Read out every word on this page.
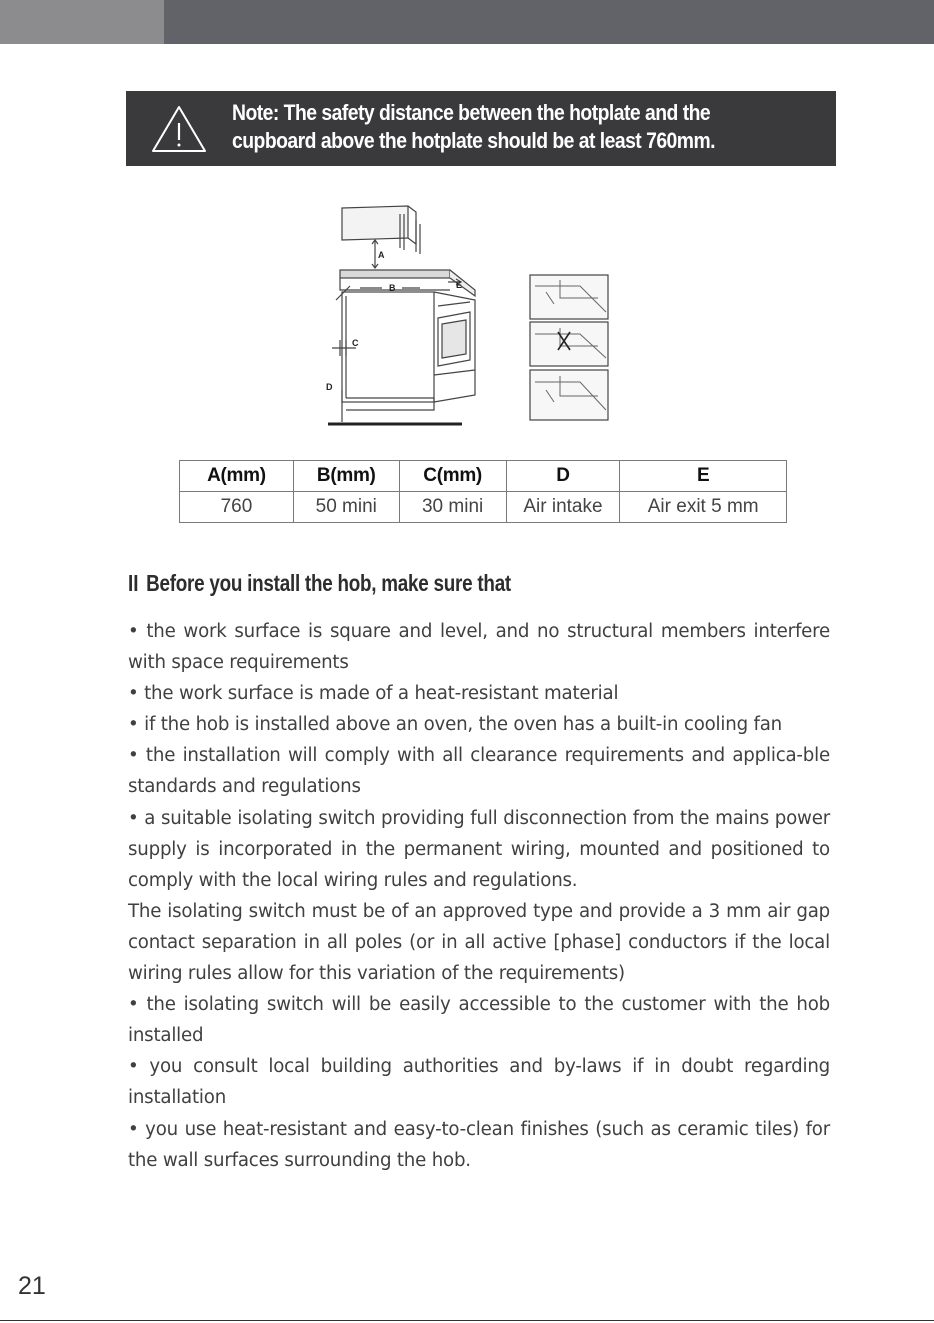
Note: The safety distance between the hotplate and the
cupboard above the hotplate should be at least 760mm.
A
B
C
D
E
A(mm)	B(mm)	C(mm)	D	E
760	50 mini	30 mini	Air intake	Air exit 5 mm
II Before you install the hob, make sure that

• the work surface is square and level, and no structural members interfere with space requirements

• the work surface is made of a heat-resistant material

• if the hob is installed above an oven, the oven has a built-in cooling fan

• the installation will comply with all clearance requirements and applica-ble standards and regulations

• a suitable isolating switch providing full disconnection from the mains power supply is incorporated in the permanent wiring, mounted and positioned to comply with the local wiring rules and regulations.

The isolating switch must be of an approved type and provide a 3 mm air gap contact separation in all poles (or in all active [phase] conductors if the local wiring rules allow for this variation of the requirements)

• the isolating switch will be easily accessible to the customer with the hob installed

• you consult local building authorities and by-laws if in doubt regarding installation

• you use heat-resistant and easy-to-clean finishes (such as ceramic tiles) for the wall surfaces surrounding the hob.

21
